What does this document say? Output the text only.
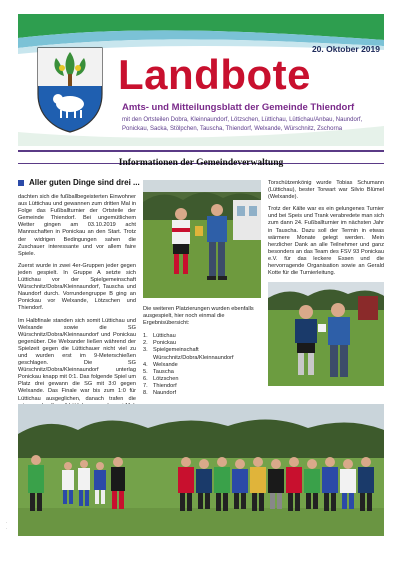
20. Oktober 2019
Landbote
Amts- und Mitteilungsblatt der Gemeinde Thiendorf
mit den Ortsteilen Dobra, Kleinnaundorf, Lötzschen, Lüttichau, Lüttichau/Anbau, Naundorf, Ponickau, Sacka, Stölpchen, Tauscha, Thiendorf, Welxande, Würschnitz, Zschorna
Informationen der Gemeindeverwaltung
Aller guten Dinge sind drei ...

dachten sich die fußballbegeisterten Einwohner aus Lüttichau und gewannen zum dritten Mal in Folge das Fußballturnier der Ortsteile der Gemeinde Thiendorf. Bei ungemütlichem Wetter gingen am 03.10.2019 acht Mannschaften in Ponickau an den Start. Trotz der widrigen Bedingungen sahen die Zuschauer interessante und vor allem faire Spiele.

Zuerst wurde in zwei 4er-Gruppen jeder gegen jeden gespielt. In Gruppe A setzte sich Lüttichau vor der Spielgemeinschaft Würschnitz/Dobra/Kleinnaundorf, Tauscha und Naundorf durch. Vorrundengruppe B ging an Ponickau vor Welxande, Lötzschen und Thiendorf.

Im Halbfinale standen sich somit Lüttichau und Welxande sowie die SG Würschnitz/Dobra/Kleinnaundorf und Ponickau gegenüber. Die Welxander ließen während der Spielzeit gegen die Lüttichauer nicht viel zu und wurden erst im 9-Meterschießen geschlagen. Die SG Würschnitz/Dobra/Kleinnaundorf unterlag Ponickau knapp mit 0:1. Das folgende Spiel um Platz drei gewann die SG mit 3:0 gegen Welxande. Das Finale war bis zum 1:0 für Lüttichau ausgeglichen, danach trafen die

Die weiteren Platzierungen wurden ebenfalls ausgespielt, hier noch einmal die Ergebnisübersicht:

1. Lüttichau
2. Ponickau
3. Spielgemeinschaft Würschnitz/Dobra/Kleinnaundorf
4. Welxande
5. Tauscha
6. Lötzschen
7. Thiendorf
8. Naundorf

Torschützenkönig wurde Tobias Schumann (Lüttichau), bester Torwart war Silvio Blümel (Welxande).

Trotz der Kälte war es ein gelungenes Turnier und bei Speis und Trank verabredete man sich zum dann 24. Fußballturnier im nächsten Jahr in Tauscha. Dazu soll der Termin in etwas wärmere Monate gelegt werden. Mein herzlicher Dank an alle Teilnehmer und ganz besonders an das Team des FSV 93 Ponickau e.V. für das leckere Essen und die hervorragende Organisation sowie an Gerald Kotte für die Turnierleitung.

·
·
